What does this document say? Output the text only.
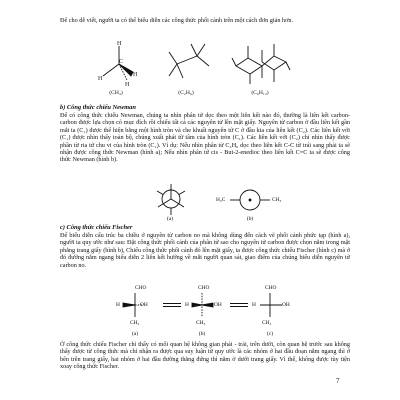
Để cho dễ viết, người ta có thể biểu diễn các công thức phối cảnh trên một cách đơn giản hơn.
H
C
H
H
H
(CH₄)	(C₂H₆)	(C₆H₁₂)
b) Công thức chiếu Newman
Để có công thức chiếu Newman, chúng ta nhìn phân tử dọc theo một liên kết nào đó, thường là liên kết carbon-carbon được lựa chọn có mục đích rồi chiếu tất cả các nguyên tử lên mặt giấy. Nguyên tử carbon ở đầu liên kết gần mắt ta (C₁) được thể hiện bằng một hình tròn và che khuất nguyên tử C ở đầu kia của liên kết (C₂). Các liên kết với (C₁) được nhìn thấy toàn bộ, chúng xuất phát từ tâm của hình tròn (C₁). Các liên kết với (C₂) chỉ nhìn thấy được phần từ ria tử chu vi của hình tròn (C₁). Ví dụ: Nếu nhìn phân tử C₂H₆ dọc theo liên kết C-C từ trái sang phải ta sẽ nhận được công thức Newman (hình a); Nếu nhìn phân tử cis - But-2-enedioc theo liên kết C=C ta sẽ được công thức Newman (hình b).
(a)
H₃C	CH₃
(b)
c) Công thức chiếu Fischer
Để biểu diễn cấu trúc ba chiều ở nguyên tử carbon no mà không dùng đến cách vẽ phối cảnh phức tạp (hình a), người ta quy ước như sau: Đặt công thức phối cảnh của phân tử sao cho nguyên tử carbon được chọn nằm trong mặt phẳng trang giấy (hình b), Chiếu công thức phối cảnh đó lên mặt giấy, ta được công thức chiếu Fischer (hình c) mà ở đó đường nằm ngang biểu diễn 2 liên kết hướng về mắt người quan sát, giao điểm của chúng biểu diễn nguyên tử carbon no.
CHO
H	OH
CH₃
(a)
CHO
H	OH
CH₃
(b)
CHO
H	OH
CH₃
(c)
Ở công thức chiếu Fischer chỉ thấy có mối quan hệ không gian phải - trái, trên dưới, còn quan hệ trước sau không thấy được từ công thức mà chỉ nhận ra được qua suy luận từ quy ước là các nhóm ở hai đầu đoạn nằm ngang thì ở bên trên trang giấy, hai nhóm ở hai đầu đường thẳng đứng thì nằm ở dưới trang giấy. Vì thế, không được tùy tiện xoay công thức Fischer.
7
